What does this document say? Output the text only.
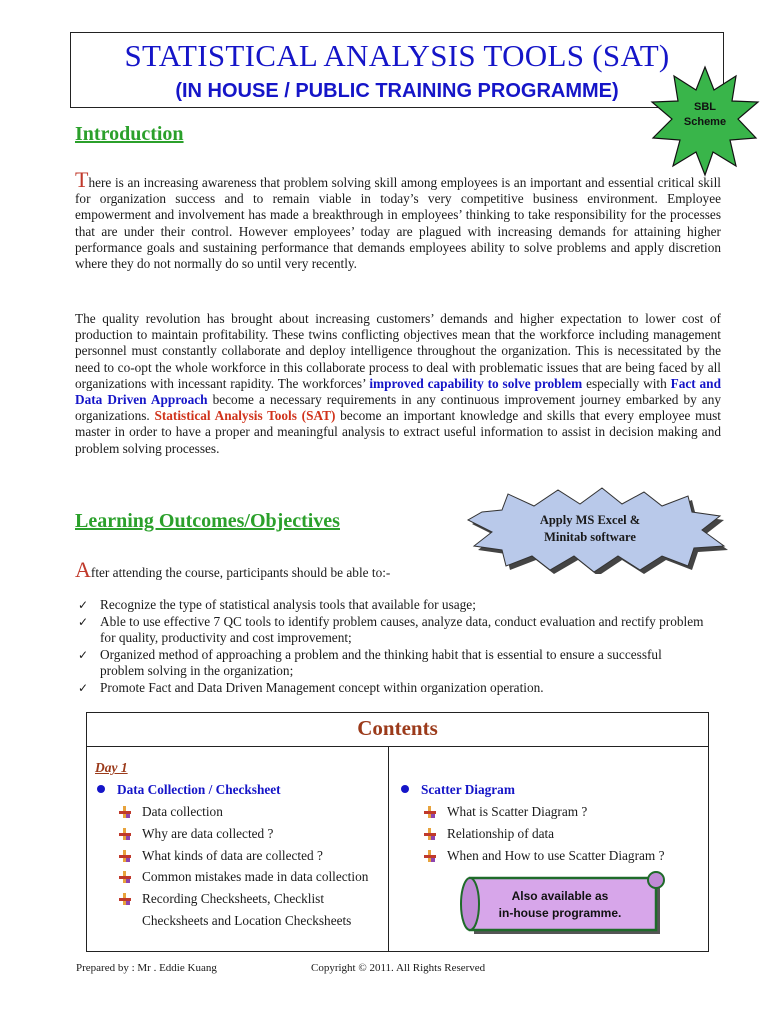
STATISTICAL ANALYSIS TOOLS (SAT)
(IN HOUSE / PUBLIC TRAINING PROGRAMME)
SBL
Scheme
Introduction

There is an increasing awareness that problem solving skill among employees is an important and essential critical skill for organization success and to remain viable in today’s very competitive business environment. Employee empowerment and involvement has made a breakthrough in employees’ thinking to take responsibility for the processes that are under their control. However employees’ today are plagued with increasing demands for attaining higher performance goals and sustaining performance that demands employees ability to solve problems and apply discretion where they do not normally do so until very recently.

The quality revolution has brought about increasing customers’ demands and higher expectation to lower cost of production to maintain profitability. These twins conflicting objectives mean that the workforce including management personnel must constantly collaborate and deploy intelligence throughout the organization. This is necessitated by the need to co-opt the whole workforce in this collaborate process to deal with problematic issues that are being faced by all organizations with incessant rapidity. The workforces’ improved capability to solve problem especially with Fact and Data Driven Approach become a necessary requirements in any continuous improvement journey embarked by any organizations. Statistical Analysis Tools (SAT) become an important knowledge and skills that every employee must master in order to have a proper and meaningful analysis to extract useful information to assist in decision making and problem solving processes.

Learning Outcomes/Objectives	Apply MS Excel &
Minitab software

After attending the course, participants should be able to:-

✓ Recognize the type of statistical analysis tools that available for usage;
✓ Able to use effective 7 QC tools to identify problem causes, analyze data, conduct evaluation and rectify problem for quality, productivity and cost improvement;
✓ Organized method of approaching a problem and the thinking habit that is essential to ensure a successful problem solving in the organization;
✓ Promote Fact and Data Driven Management concept within organization operation.
Contents
Day 1
Data Collection / Checksheet
Data collection
Why are data collected ?
What kinds of data are collected ?
Common mistakes made in data collection
Recording Checksheets, Checklist Checksheets and Location Checksheets
Scatter Diagram
What is Scatter Diagram ?
Relationship of data
When and How to use Scatter Diagram ?
Also available as
in-house programme.
Prepared by : Mr . Eddie Kuang	Copyright © 2011. All Rights Reserved
